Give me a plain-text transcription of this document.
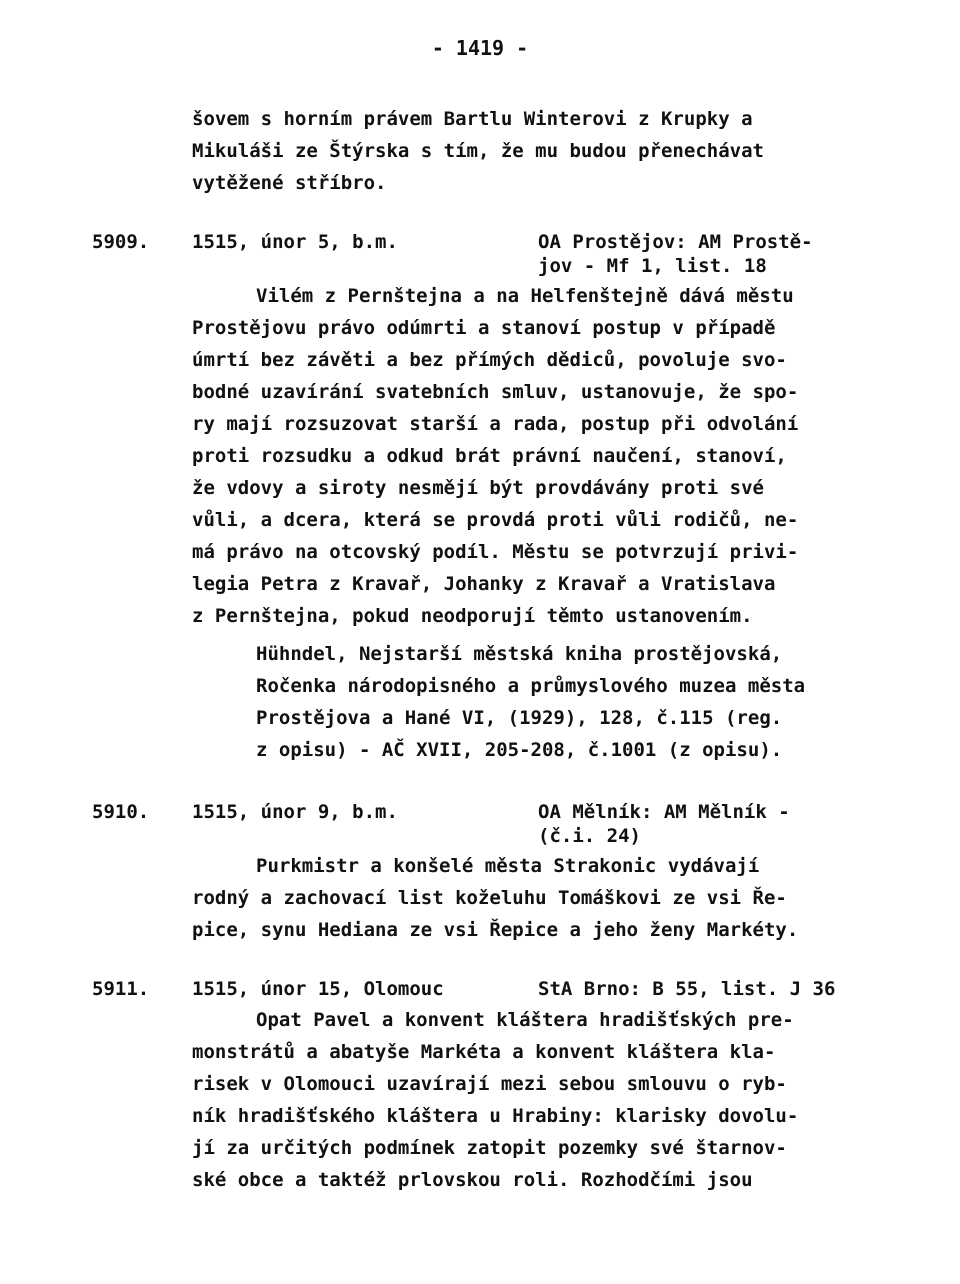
- 1419 -
šovem s horním právem Bartlu Winterovi z Krupky a
Mikuláši ze Štýrska s tím, že mu budou přenechávat
vytěžené stříbro.
5909. 1515, únor 5, b.m.	OA Prostějov: AM Prostě-
jov - Mf 1, list. 18
Vilém z Pernštejna a na Helfenštejně dává městu
Prostějovu právo odúmrti a stanoví postup v případě
úmrtí bez závěti a bez přímých dědiců, povoluje svo-
bodné uzavírání svatebních smluv, ustanovuje, že spo-
ry mají rozsuzovat starší a rada, postup při odvolání
proti rozsudku a odkud brát právní naučení, stanoví,
že vdovy a siroty nesmějí být provdávány proti své
vůli, a dcera, která se provdá proti vůli rodičů, ne-
má právo na otcovský podíl. Městu se potvrzují privi-
legia Petra z Kravař, Johanky z Kravař a Vratislava
z Pernštejna, pokud neodporují těmto ustanovením.
Hühndel, Nejstarší městská kniha prostějovská,
Ročenka národopisného a průmyslového muzea města
Prostějova a Hané VI, (1929), 128, č.115 (reg.
z opisu) - AČ XVII, 205-208, č.1001 (z opisu).
5910. 1515, únor 9, b.m.	OA Mělník: AM Mělník -
(č.i. 24)
Purkmistr a konšelé města Strakonic vydávají
rodný a zachovací list koželuhu Tomáškovi ze vsi Ře-
pice, synu Hediana ze vsi Řepice a jeho ženy Markéty.
5911. 1515, únor 15, Olomouc	StA Brno: B 55, list. J 36
Opat Pavel a konvent kláštera hradišťských pre-
monstrátů a abatyše Markéta a konvent kláštera kla-
risek v Olomouci uzavírají mezi sebou smlouvu o ryb-
ník hradišťského kláštera u Hrabiny: klarisky dovolu-
jí za určitých podmínek zatopit pozemky své štarnov-
ské obce a taktéž prlovskou roli. Rozhodčími jsou
